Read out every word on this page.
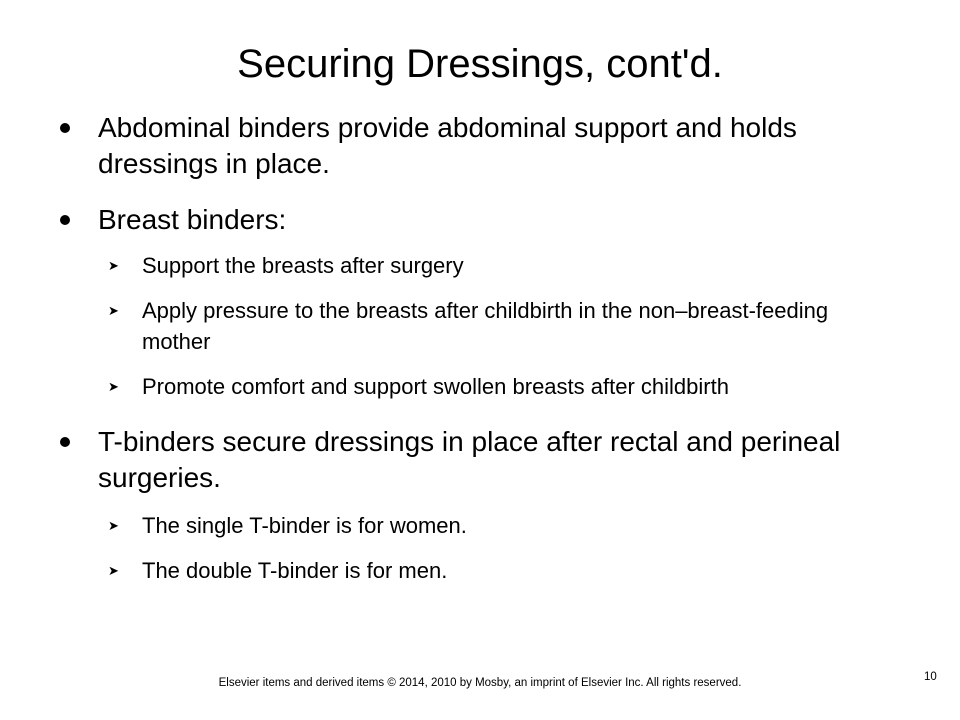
Securing Dressings, cont'd.
Abdominal binders provide abdominal support and holds dressings in place.
Breast binders:
➤ Support the breasts after surgery
➤ Apply pressure to the breasts after childbirth in the non–breast-feeding mother
➤ Promote comfort and support swollen breasts after childbirth
T-binders secure dressings in place after rectal and perineal surgeries.
➤ The single T-binder is for women.
➤ The double T-binder is for men.
Elsevier items and derived items © 2014, 2010 by Mosby, an imprint of Elsevier Inc. All rights reserved.	10
